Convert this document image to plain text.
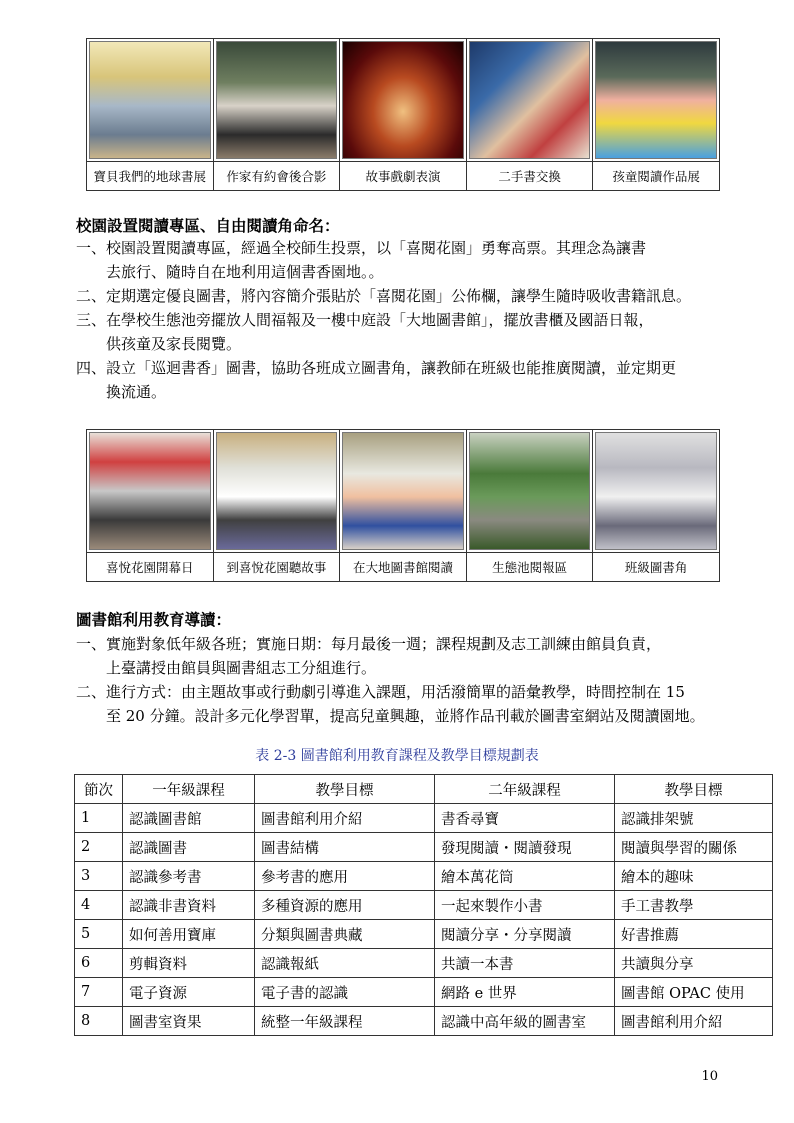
寶貝我們的地球書展	作家有約會後合影	故事戲劇表演	二手書交換	孩童閱讀作品展
校園設置閱讀專區、自由閱讀角命名：
一、校園設置閱讀專區，經過全校師生投票，以「喜閱花園」勇奪高票。其理念為讓書
去旅行、隨時自在地利用這個書香園地。。
二、定期選定優良圖書，將內容簡介張貼於「喜閱花園」公佈欄，讓學生隨時吸收書籍訊息。
三、在學校生態池旁擺放人間福報及一樓中庭設「大地圖書館」，擺放書櫃及國語日報，
供孩童及家長閱覽。
四、設立「巡迴書香」圖書，協助各班成立圖書角，讓教師在班級也能推廣閱讀，並定期更
換流通。

喜悅花園開幕日	到喜悅花園聽故事	在大地圖書館閱讀	生態池閱報區	班級圖書角
圖書館利用教育導讀：
一、實施對象低年級各班；實施日期：每月最後一週；課程規劃及志工訓練由館員負責，
上臺講授由館員與圖書組志工分組進行。
二、進行方式：由主題故事或行動劇引導進入課題，用活潑簡單的語彙教學，時間控制在 15
至 20 分鐘。設計多元化學習單，提高兒童興趣，並將作品刊載於圖書室網站及閱讀園地。
表 2-3 圖書館利用教育課程及教學目標規劃表
節次	一年級課程	教學目標	二年級課程	教學目標
1	認識圖書館	圖書館利用介紹	書香尋寶	認識排架號
2	認識圖書	圖書結構	發現閱讀・閱讀發現	閱讀與學習的關係
3	認識參考書	參考書的應用	繪本萬花筒	繪本的趣味
4	認識非書資料	多種資源的應用	一起來製作小書	手工書教學
5	如何善用寶庫	分類與圖書典藏	閱讀分享・分享閱讀	好書推薦
6	剪輯資料	認識報紙	共讀一本書	共讀與分享
7	電子資源	電子書的認識	網路 e 世界	圖書館 OPAC 使用
8	圖書室資果	統整一年級課程	認識中高年級的圖書室	圖書館利用介紹
10
